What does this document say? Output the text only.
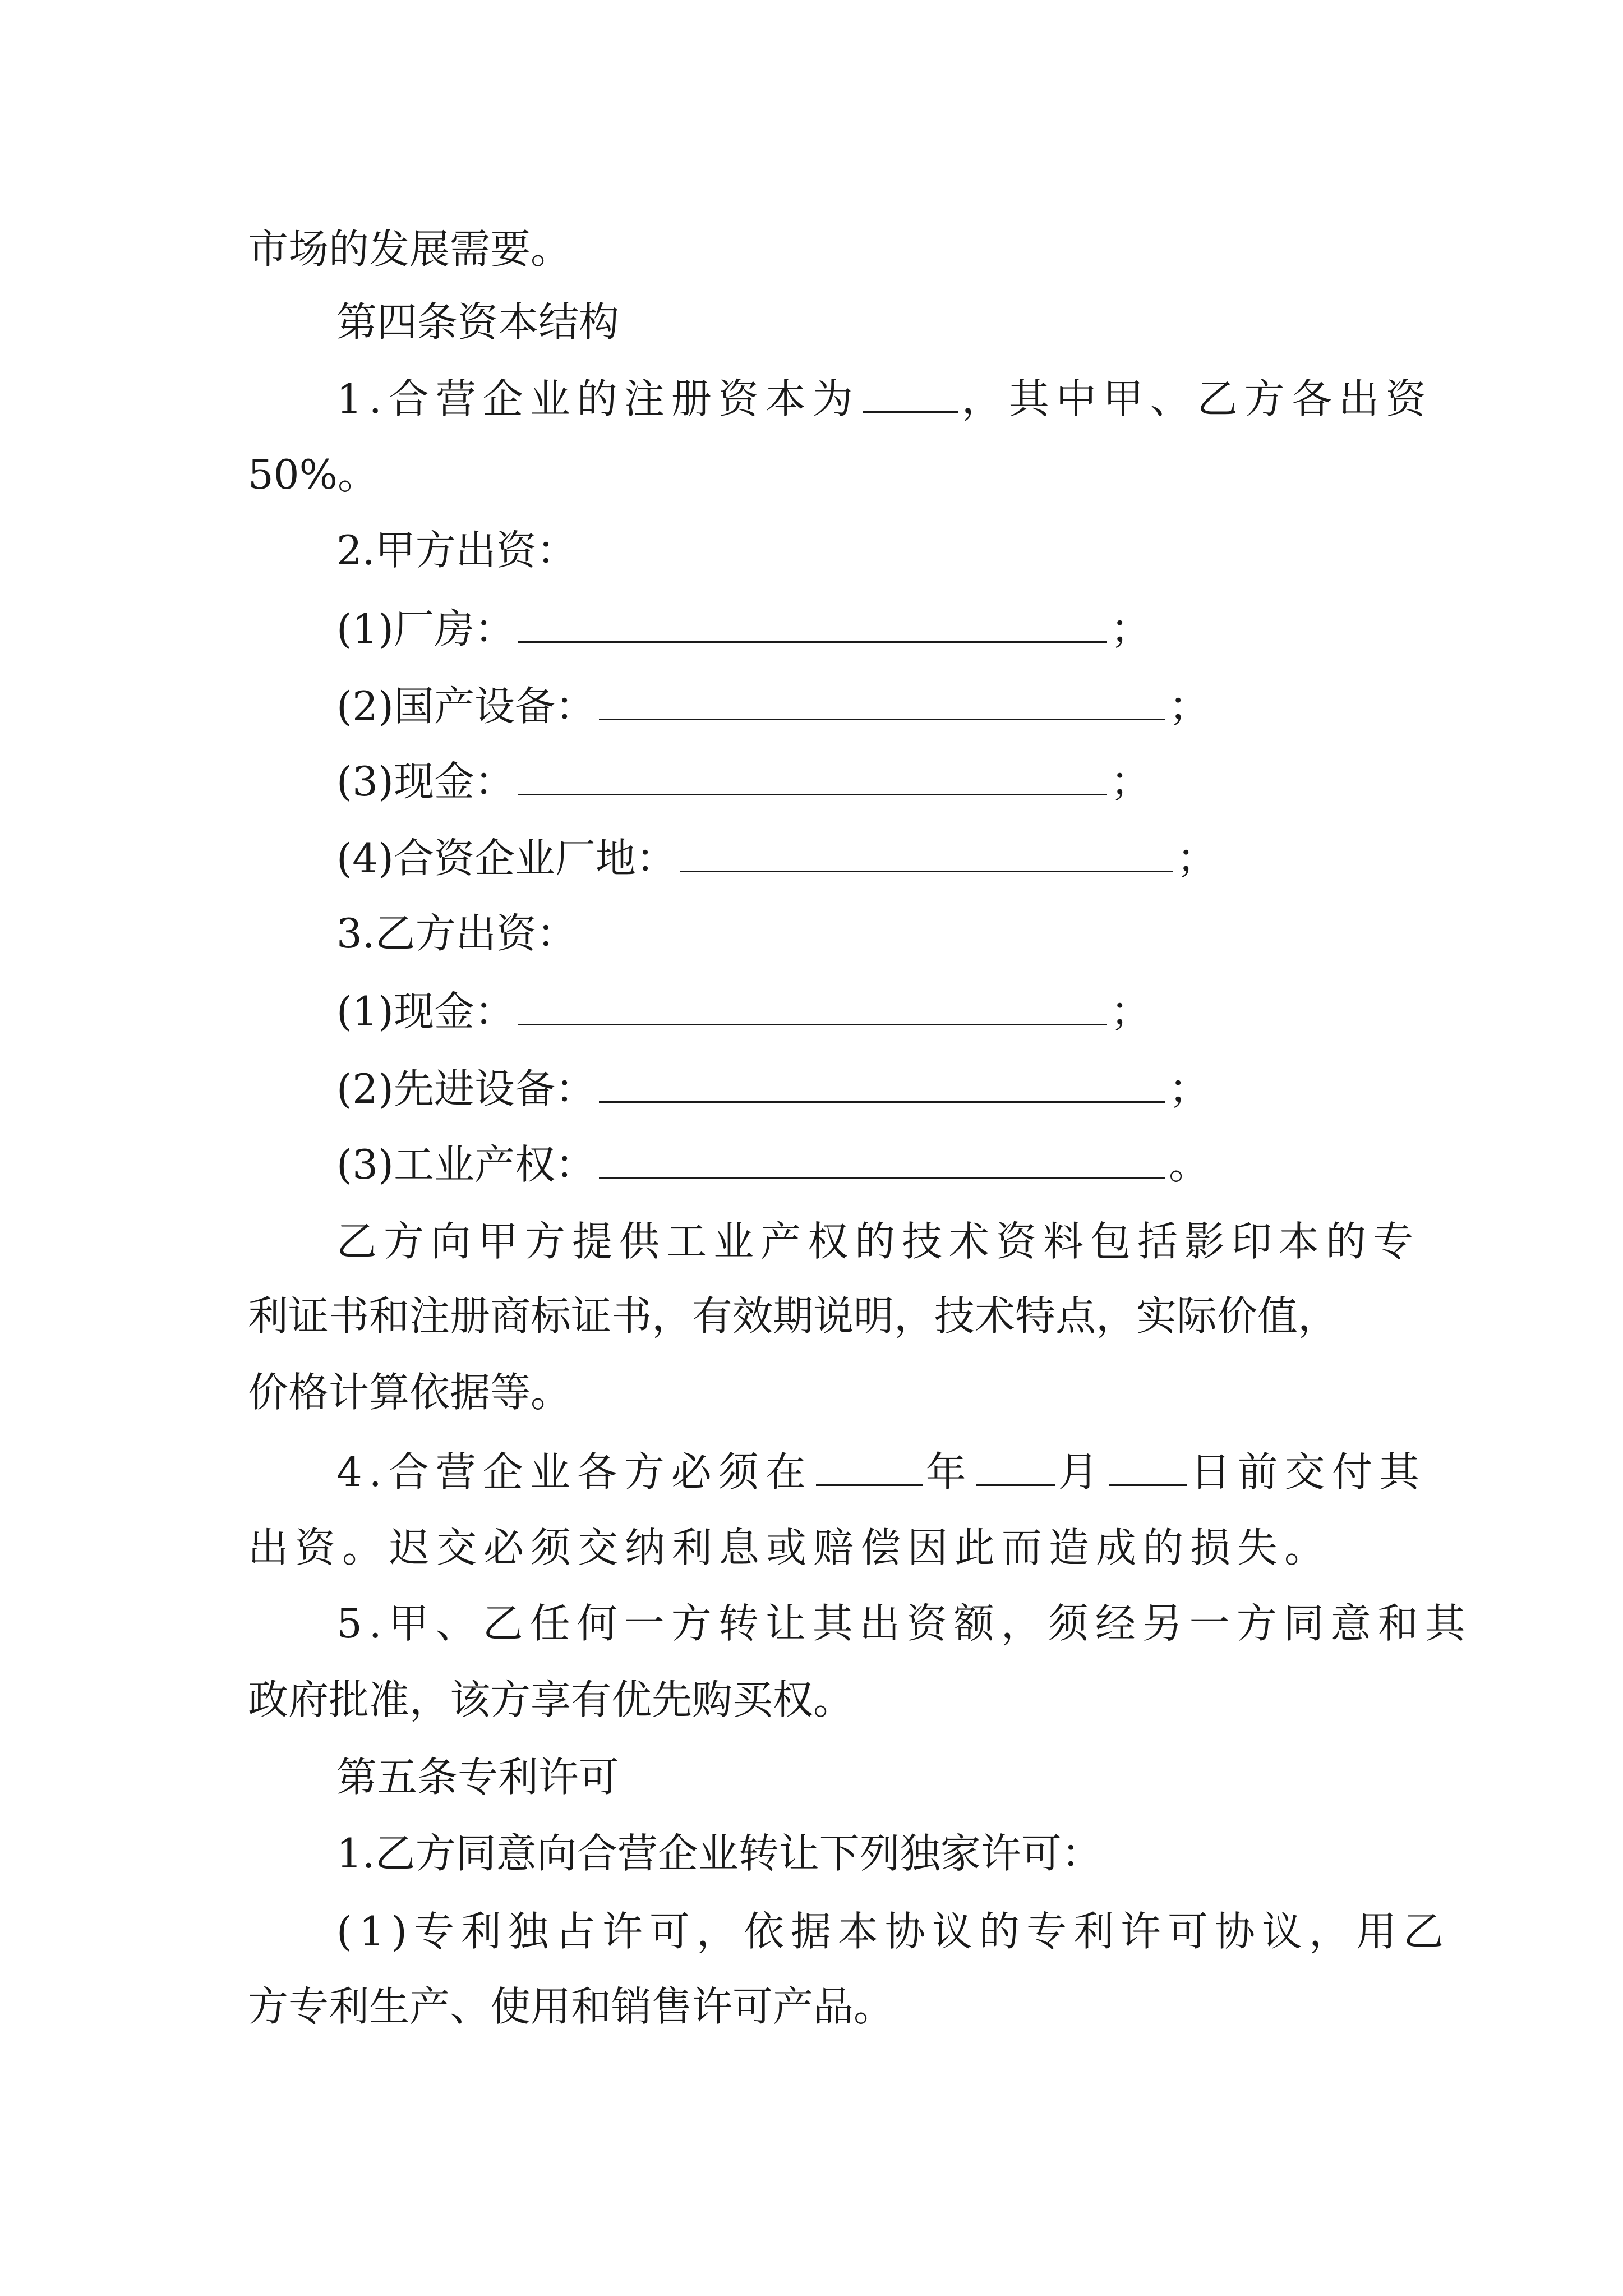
市场的发展需要。
第四条资本结构
1.合营企业的注册资本为	，其中甲、乙方各出资
50%。
2.甲方出资：
(1)厂房：	；
(2)国产设备：	；
(3)现金：	；
(4)合资企业厂地：	；
3.乙方出资：
(1)现金：	；
(2)先进设备：	；
(3)工业产权：	。
乙方向甲方提供工业产权的技术资料包括影印本的专
利证书和注册商标证书，有效期说明，技术特点，实际价值，
价格计算依据等。
4.合营企业各方必须在	年 月 日前交付其
出资。迟交必须交纳利息或赔偿因此而造成的损失。
5.甲、乙任何一方转让其出资额，须经另一方同意和其
政府批准，该方享有优先购买权。
第五条专利许可
1.乙方同意向合营企业转让下列独家许可：
(1)专利独占许可，依据本协议的专利许可协议，用乙
方专利生产、使用和销售许可产品。
